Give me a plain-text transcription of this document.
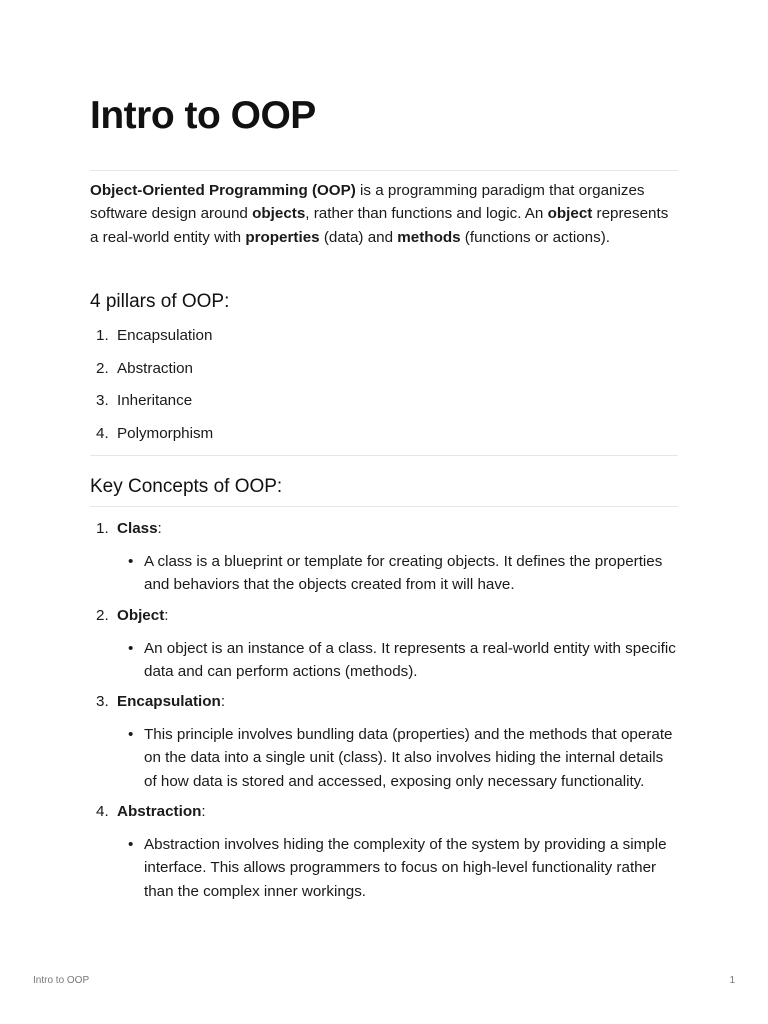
Intro to OOP

Object-Oriented Programming (OOP) is a programming paradigm that organizes software design around objects, rather than functions and logic. An object represents a real-world entity with properties (data) and methods (functions or actions).

4 pillars of OOP:
1. Encapsulation
2. Abstraction
3. Inheritance
4. Polymorphism
Key Concepts of OOP:
1. Class:
• A class is a blueprint or template for creating objects. It defines the properties and behaviors that the objects created from it will have.
2. Object:
• An object is an instance of a class. It represents a real-world entity with specific data and can perform actions (methods).
3. Encapsulation:
• This principle involves bundling data (properties) and the methods that operate on the data into a single unit (class). It also involves hiding the internal details of how data is stored and accessed, exposing only necessary functionality.
4. Abstraction:
• Abstraction involves hiding the complexity of the system by providing a simple interface. This allows programmers to focus on high-level functionality rather than the complex inner workings.
Intro to OOP	1
